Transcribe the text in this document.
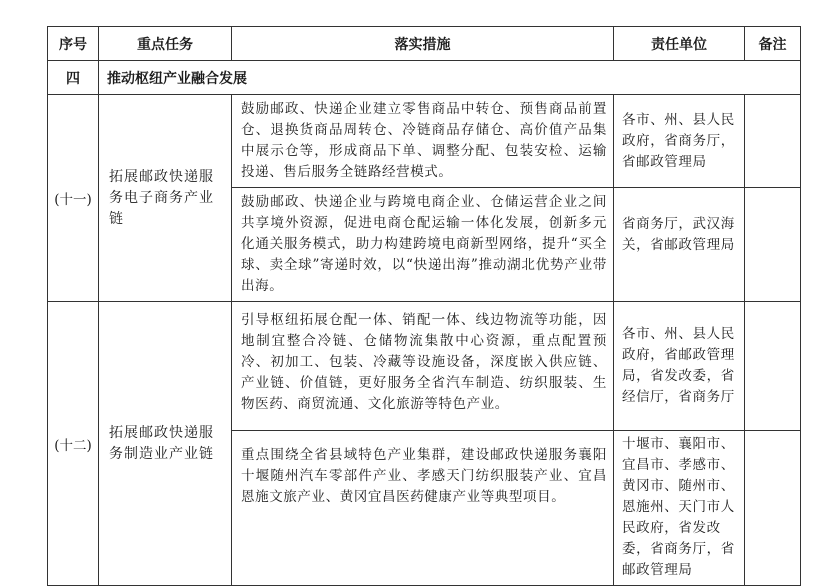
序号	重点任务	落实措施	责任单位	备注
四	推动枢纽产业融合发展			
(十一)	拓展邮政快递服务电子商务产业链	鼓励邮政、快递企业建立零售商品中转仓、预售商品前置仓、退换货商品周转仓、冷链商品存储仓、高价值产品集中展示仓等，形成商品下单、调整分配、包装安检、运输投递、售后服务全链路经营模式。	各市、州、县人民政府，省商务厅，省邮政管理局	
		鼓励邮政、快递企业与跨境电商企业、仓储运营企业之间共享境外资源，促进电商仓配运输一体化发展，创新多元化通关服务模式，助力构建跨境电商新型网络，提升“买全球、卖全球”寄递时效，以“快递出海”推动湖北优势产业带出海。	省商务厅，武汉海关，省邮政管理局	
(十二)	拓展邮政快递服务制造业产业链	引导枢纽拓展仓配一体、销配一体、线边物流等功能，因地制宜整合冷链、仓储物流集散中心资源，重点配置预冷、初加工、包装、冷藏等设施设备，深度嵌入供应链、产业链、价值链，更好服务全省汽车制造、纺织服装、生物医药、商贸流通、文化旅游等特色产业。	各市、州、县人民政府，省邮政管理局，省发改委，省经信厅，省商务厅	
		重点围绕全省县域特色产业集群，建设邮政快递服务襄阳十堰随州汽车零部件产业、孝感天门纺织服装产业、宜昌恩施文旅产业、黄冈宜昌医药健康产业等典型项目。	十堰市、襄阳市、宜昌市、孝感市、黄冈市、随州市、恩施州、天门市人民政府，省发改委，省商务厅，省邮政管理局	
